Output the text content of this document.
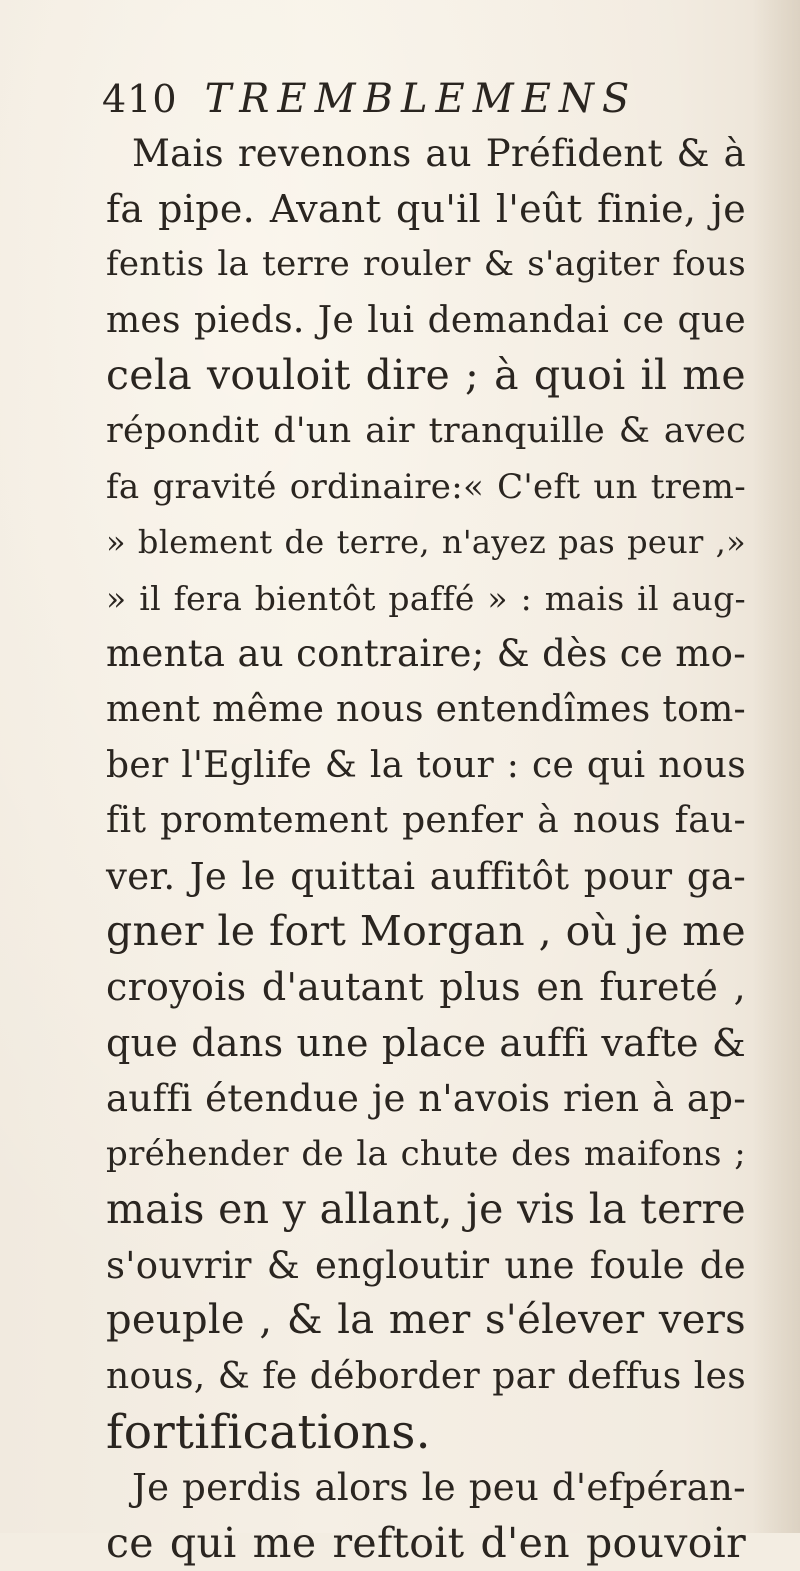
410 TREMBLEMENS
Mais revenons au Préfident & à
fa pipe. Avant qu'il l'eût finie, je
fentis la terre rouler & s'agiter fous
mes pieds. Je lui demandai ce que
cela vouloit dire ; à quoi il me
répondit d'un air tranquille & avec
fa gravité ordinaire:« C'eft un trem-
» blement de terre, n'ayez pas peur ,»
» il fera bientôt paffé » : mais il aug-
menta au contraire; & dès ce mo-
ment même nous entendîmes tom-
ber l'Eglife & la tour : ce qui nous
fit promtement penfer à nous fau-
ver. Je le quittai auffitôt pour ga-
gner le fort Morgan , où je me
croyois d'autant plus en fureté ,
que dans une place auffi vafte &
auffi étendue je n'avois rien à ap-
préhender de la chute des maifons ;
mais en y allant, je vis la terre
s'ouvrir & engloutir une foule de
peuple , & la mer s'élever vers
nous, & fe déborder par deffus les
fortifications.
Je perdis alors le peu d'efpéran-
ce qui me reftoit d'en pouvoir
